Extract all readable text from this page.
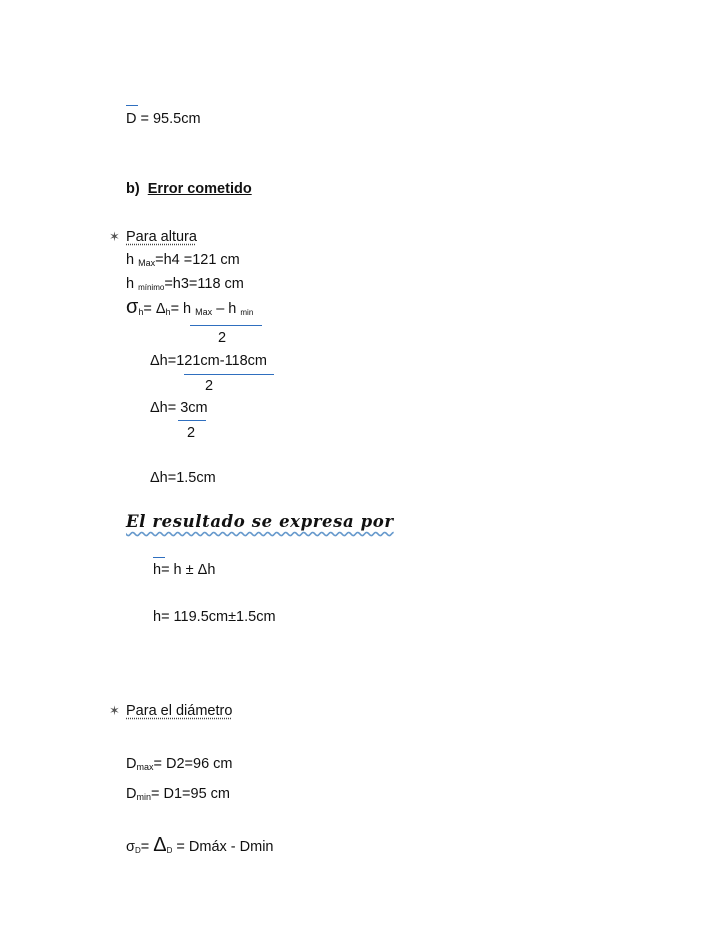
D = 95.5cm
b) Error cometido
✶ Para altura
h $_{Max}$=h4 =121 cm
h mínimo=h3=118 cm
$\sigma_h= \Delta_h= h$ $_{Max}$ – h min
2
Δh=121cm-118cm
2
Δh= 3cm
2
Δh=1.5cm
El resultado se expresa por
h= h ± Δh
h= 119.5cm±1.5cm
✶ Para el diámetro
$D_{max}= D2=96$ cm
$D_{min}= D1=95$ cm
σD= ΔD = Dmáx - Dmin
